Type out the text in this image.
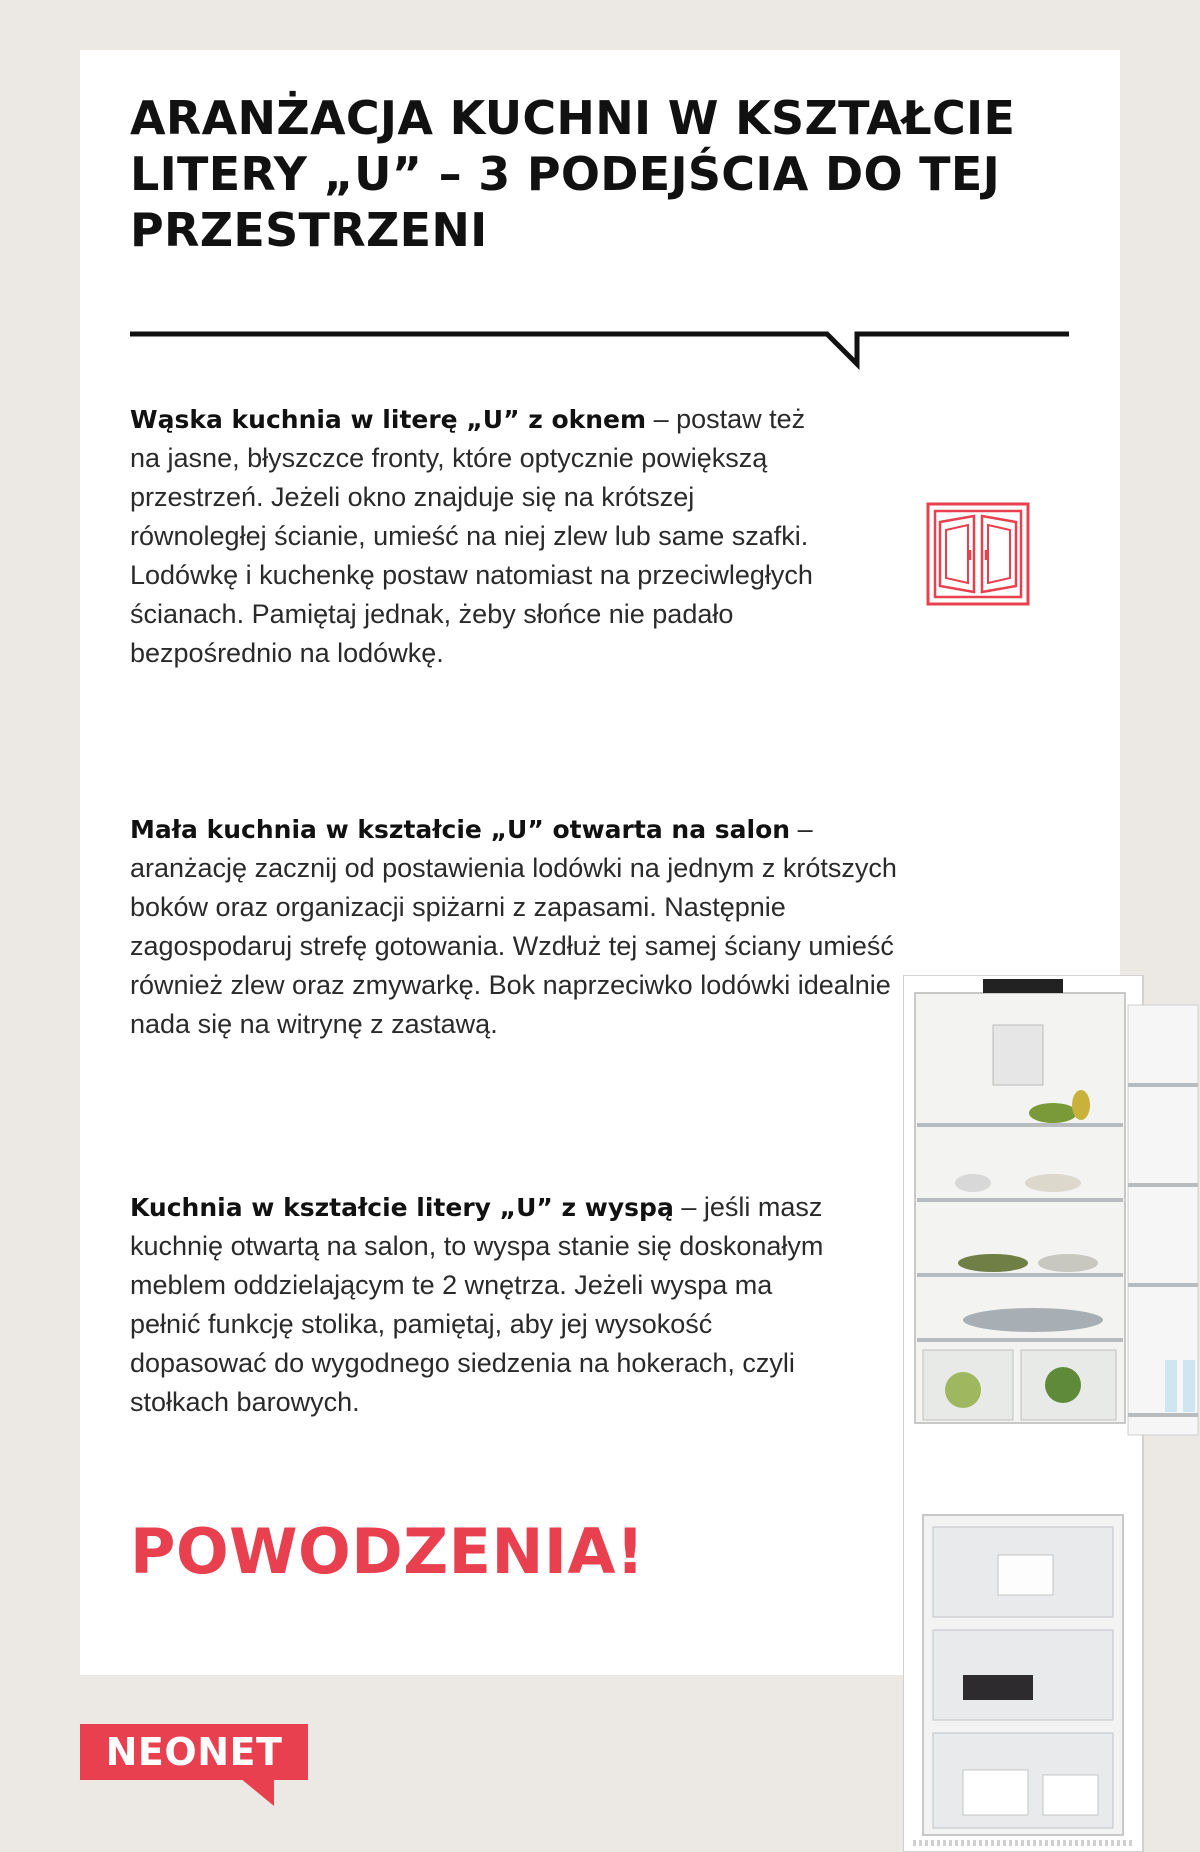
ARANŻACJA KUCHNI W KSZTAŁCIE LITERY „U” – 3 PODEJŚCIA DO TEJ PRZESTRZENI

Wąska kuchnia w literę „U” z oknem – postaw też na jasne, błyszczce fronty, które optycznie powiększą przestrzeń. Jeżeli okno znajduje się na krótszej równoległej ścianie, umieść na niej zlew lub same szafki. Lodówkę i kuchenkę postaw natomiast na przeciwległych ścianach. Pamiętaj jednak, żeby słońce nie padało bezpośrednio na lodówkę.

Mała kuchnia w kształcie „U” otwarta na salon – aranżację zacznij od postawienia lodówki na jednym z krótszych boków oraz organizacji spiżarni z zapasami. Następnie zagospodaruj strefę gotowania. Wzdłuż tej samej ściany umieść również zlew oraz zmywarkę. Bok naprzeciwko lodówki idealnie nada się na witrynę z zastawą.

Kuchnia w kształcie litery „U” z wyspą – jeśli masz kuchnię otwartą na salon, to wyspa stanie się doskonałym meblem oddzielającym te 2 wnętrza. Jeżeli wyspa ma pełnić funkcję stolika, pamiętaj, aby jej wysokość dopasować do wygodnego siedzenia na hokerach, czyli stołkach barowych.

POWODZENIA!
NEONET
